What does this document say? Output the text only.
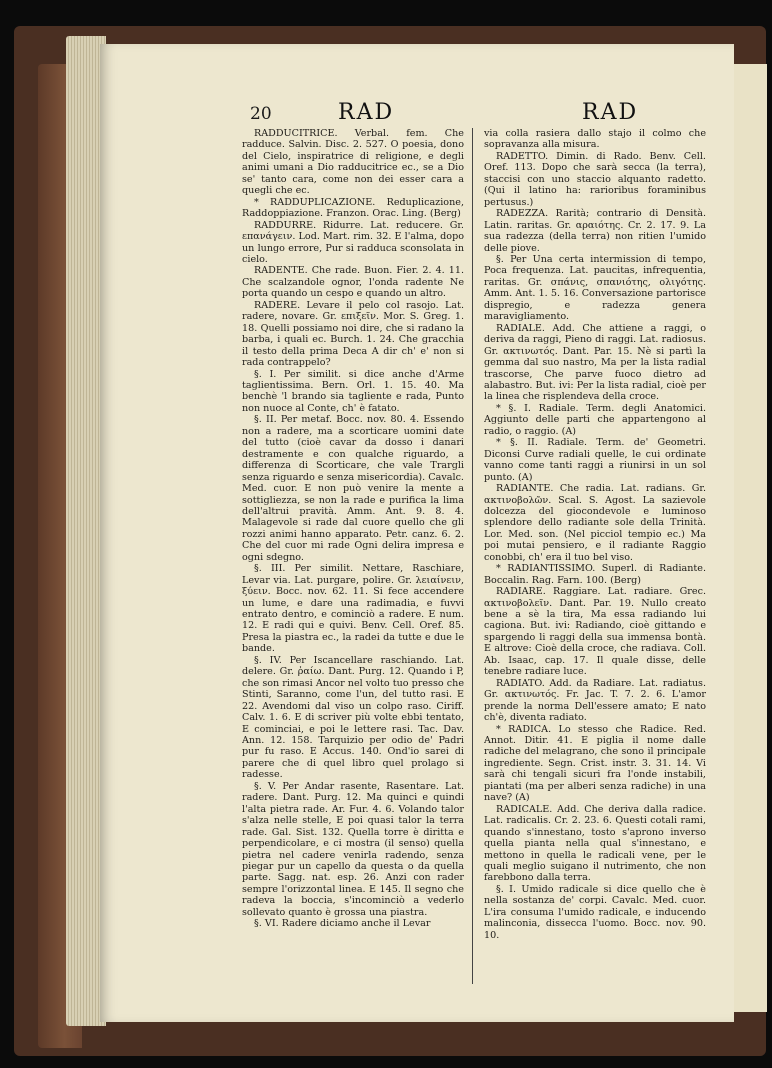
20	RAD	RAD

RADDUCITRICE. Verbal. fem. Che radduce. Salvin. Disc. 2. 527. O poesia, dono del Cielo, inspiratrice di religione, e degli animi umani a Dio radducitrice ec., se a Dio se' tanto cara, come non dei esser cara a quegli che ec.

* RADDUPLICAZIONE. Reduplicazione, Raddoppiazione. Franzon. Orac. Ling. (Berg)

RADDURRE. Ridurre. Lat. reducere. Gr. επανάγειν. Lod. Mart. rim. 32. E l'alma, dopo un lungo errore, Pur si radduca sconsolata in cielo.

RADENTE. Che rade. Buon. Fier. 2. 4. 11. Che scalzandole ognor, l'onda radente Ne porta quando un cespo e quando un altro.

RADERE. Levare il pelo col rasojo. Lat. radere, novare. Gr. επιξεῖν. Mor. S. Greg. 1. 18. Quelli possiamo noi dire, che si radano la barba, i quali ec. Burch. 1. 24. Che gracchia il testo della prima Deca A dir ch' e' non si rada contrappelo?

§. I. Per similit. si dice anche d'Arme taglientissima. Bern. Orl. 1. 15. 40. Ma benchè 'l brando sia tagliente e rada, Punto non nuoce al Conte, ch' è fatato.

§. II. Per metaf. Bocc. nov. 80. 4. Essendo non a radere, ma a scorticare uomini date del tutto (cioè cavar da dosso i danari destramente e con qualche riguardo, a differenza di Scorticare, che vale Trargli senza riguardo e senza misericordia). Cavalc. Med. cuor. E non può venire la mente a sottigliezza, se non la rade e purifica la lima dell'altrui pravità. Amm. Ant. 9. 8. 4. Malagevole si rade dal cuore quello che gli rozzi animi hanno apparato. Petr. canz. 6. 2. Che del cuor mi rade Ogni delira impresa e ogni sdegno.

§. III. Per similit. Nettare, Raschiare, Levar via. Lat. purgare, polire. Gr. λειαίνειν, ξύειν. Bocc. nov. 62. 11. Si fece accendere un lume, e dare una radimadia, e fuvvi entrato dentro, e cominciò a radere. E num. 12. E radi qui e quivi. Benv. Cell. Oref. 85. Presa la piastra ec., la radei da tutte e due le bande.

§. IV. Per Iscancellare raschiando. Lat. delere. Gr. ῥαίω. Dant. Purg. 12. Quando i P, che son rimasi Ancor nel volto tuo presso che Stinti, Saranno, come l'un, del tutto rasi. E 22. Avendomi dal viso un colpo raso. Ciriff. Calv. 1. 6. E di scriver più volte ebbi tentato, E cominciai, e poi le lettere rasi. Tac. Dav. Ann. 12. 158. Tarquizio per odio de' Padri pur fu raso. E Accus. 140. Ond'io sarei di parere che di quel libro quel prolago si radesse.

§. V. Per Andar rasente, Rasentare. Lat. radere. Dant. Purg. 12. Ma quinci e quindi l'alta pietra rade. Ar. Fur. 4. 6. Volando talor s'alza nelle stelle, E poi quasi talor la terra rade. Gal. Sist. 132. Quella torre è diritta e perpendicolare, e ci mostra (il senso) quella pietra nel cadere venirla radendo, senza piegar pur un capello da questa o da quella parte. Sagg. nat. esp. 26. Anzi con rader sempre l'orizzontal linea. E 145. Il segno che radeva la boccia, s'incominciò a vederlo sollevato quanto è grossa una piastra.

§. VI. Radere diciamo anche il Levar

via colla rasiera dallo stajo il colmo che sopravanza alla misura.

RADETTO. Dimin. di Rado. Benv. Cell. Oref. 113. Dopo che sarà secca (la terra), staccisi con uno staccio alquanto radetto. (Qui il latino ha: rarioribus foraminibus pertusus.)

RADEZZA. Rarità; contrario di Densità. Latin. raritas. Gr. αραιότης. Cr. 2. 17. 9. La sua radezza (della terra) non ritien l'umido delle piove.

§. Per Una certa intermission di tempo, Poca frequenza. Lat. paucitas, infrequentia, raritas. Gr. σπάνις, σπανιότης, ολιγότης. Amm. Ant. 1. 5. 16. Conversazione partorisce dispregio, e radezza genera maravigliamento.

RADIALE. Add. Che attiene a raggi, o deriva da raggi, Pieno di raggi. Lat. radiosus. Gr. ακτινωτός. Dant. Par. 15. Nè si partì la gemma dal suo nastro, Ma per la lista radial trascorse, Che parve fuoco dietro ad alabastro. But. ivi: Per la lista radial, cioè per la linea che risplendeva della croce.

* §. I. Radiale. Term. degli Anatomici. Aggiunto delle parti che appartengono al radio, o raggio. (A)

* §. II. Radiale. Term. de' Geometri. Diconsi Curve radiali quelle, le cui ordinate vanno come tanti raggi a riunirsi in un sol punto. (A)

RADIANTE. Che radia. Lat. radians. Gr. ακτινοβολῶν. Scal. S. Agost. La sazievole dolcezza del giocondevole e luminoso splendore dello radiante sole della Trinità. Lor. Med. son. (Nel picciol tempio ec.) Ma poi mutai pensiero, e il radiante Raggio conobbi, ch' era il tuo bel viso.

* RADIANTISSIMO. Superl. di Radiante. Boccalin. Rag. Farn. 100. (Berg)

RADIARE. Raggiare. Lat. radiare. Grec. ακτινοβολεῖν. Dant. Par. 19. Nullo creato bene a sè la tira, Ma essa radiando lui cagiona. But. ivi: Radiando, cioè gittando e spargendo li raggi della sua immensa bontà. E altrove: Cioè della croce, che radiava. Coll. Ab. Isaac, cap. 17. Il quale disse, delle tenebre radiare luce.

RADIATO. Add. da Radiare. Lat. radiatus. Gr. ακτινωτός. Fr. Jac. T. 7. 2. 6. L'amor prende la norma Dell'essere amato; E nato ch'è, diventa radiato.

* RADICA. Lo stesso che Radice. Red. Annot. Ditir. 41. E piglia il nome dalle radiche del melagrano, che sono il principale ingrediente. Segn. Crist. instr. 3. 31. 14. Vi sarà chi tengali sicuri fra l'onde instabili, piantati (ma per alberi senza radiche) in una nave? (A)

RADICALE. Add. Che deriva dalla radice. Lat. radicalis. Cr. 2. 23. 6. Questi cotali rami, quando s'innestano, tosto s'aprono inverso quella pianta nella qual s'innestano, e mettono in quella le radicali vene, per le quali meglio suigano il nutrimento, che non farebbono dalla terra.

§. I. Umido radicale si dice quello che è nella sostanza de' corpi. Cavalc. Med. cuor. L'ira consuma l'umido radicale, e inducendo malinconia, dissecca l'uomo. Bocc. nov. 90. 10.
